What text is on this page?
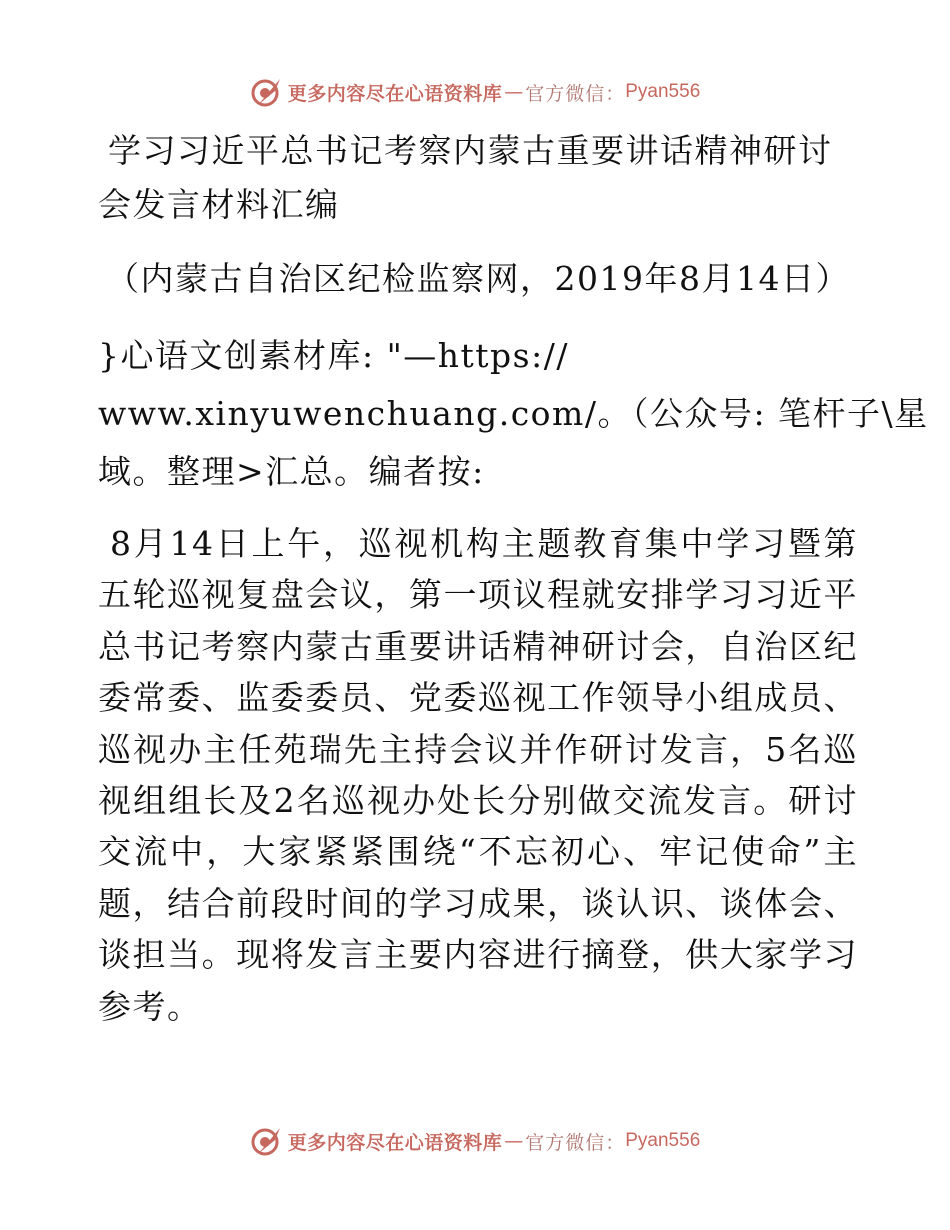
更多内容尽在心语资料库 — 官方微信： Pyan556
学习习近平总书记考察内蒙古重要讲话精神研讨会发言材料汇编
（内蒙古自治区纪检监察网，2019年8月14日）
}心语文创素材库: "—https://
www.xinyuwenchuang.com/。（公众号: 笔杆子\星
域。整理>汇总。编者按:
8月14日上午，巡视机构主题教育集中学习暨第五轮巡视复盘会议，第一项议程就安排学习习近平总书记考察内蒙古重要讲话精神研讨会，自治区纪委常委、监委委员、党委巡视工作领导小组成员、巡视办主任苑瑞先主持会议并作研讨发言，5名巡视组组长及2名巡视办处长分别做交流发言。研讨交流中，大家紧紧围绕“不忘初心、牢记使命”主题，结合前段时间的学习成果，谈认识、谈体会、谈担当。现将发言主要内容进行摘登，供大家学习参考。
更多内容尽在心语资料库 — 官方微信： Pyan556
